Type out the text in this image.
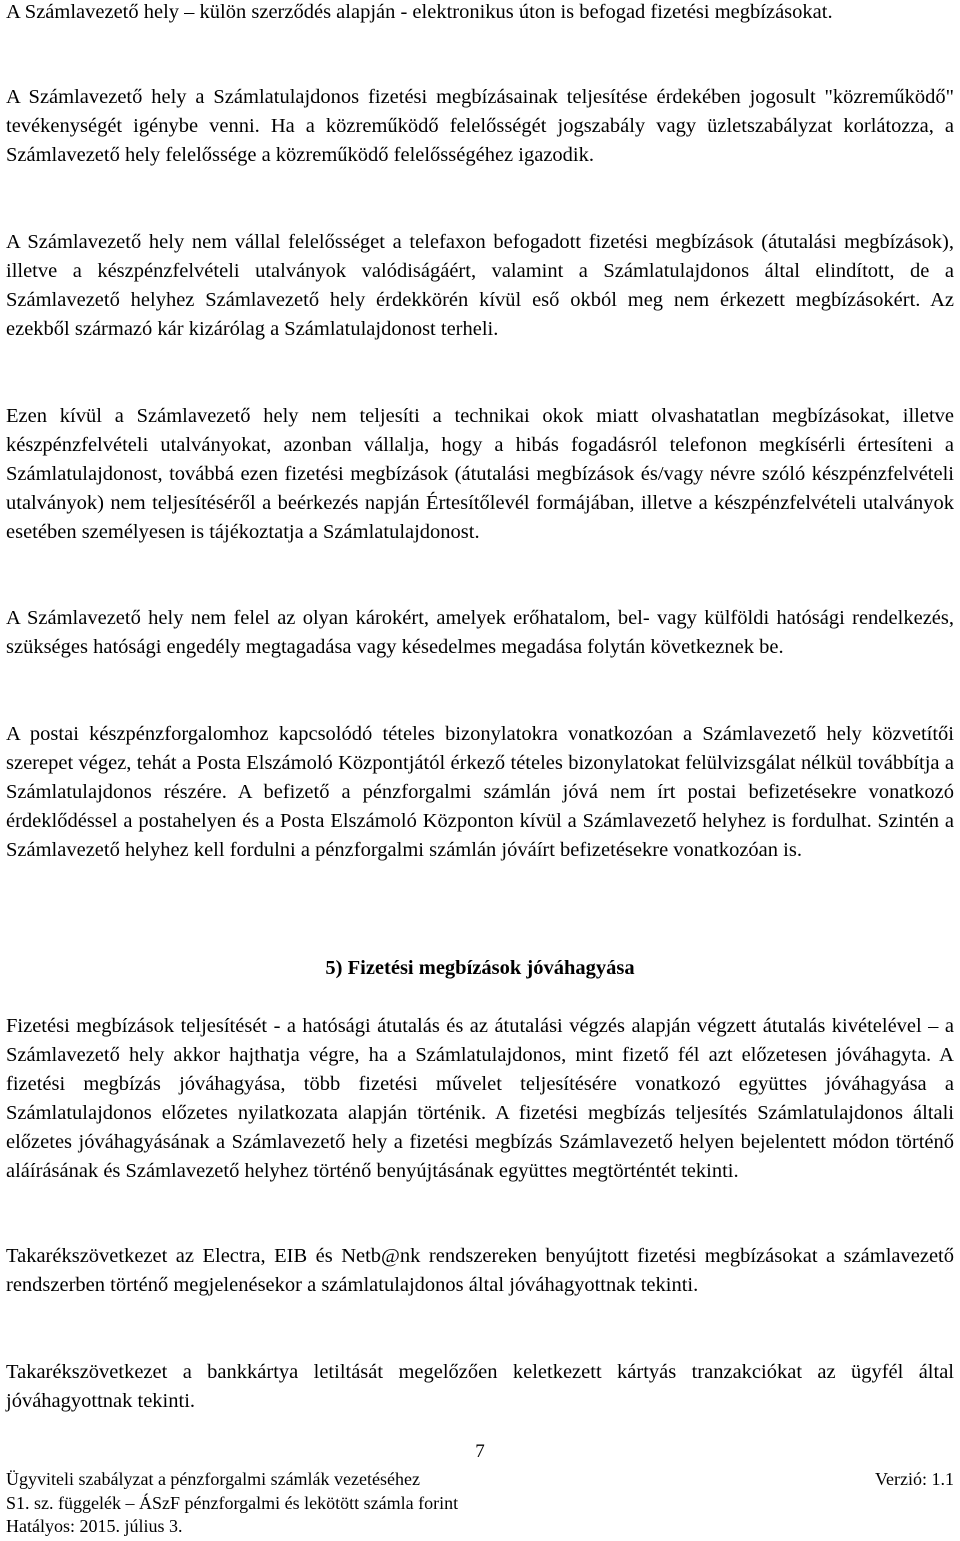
A Számlavezető hely – külön szerződés alapján - elektronikus úton is befogad fizetési megbízásokat.

A Számlavezető hely a Számlatulajdonos fizetési megbízásainak teljesítése érdekében jogosult "közreműködő" tevékenységét igénybe venni. Ha a közreműködő felelősségét jogszabály vagy üzletszabályzat korlátozza, a Számlavezető hely felelőssége a közreműködő felelősségéhez igazodik.

A Számlavezető hely nem vállal felelősséget a telefaxon befogadott fizetési megbízások (átutalási megbízások), illetve a készpénzfelvételi utalványok valódiságáért, valamint a Számlatulajdonos által elindított, de a Számlavezető helyhez Számlavezető hely érdekkörén kívül eső okból meg nem érkezett megbízásokért. Az ezekből származó kár kizárólag a Számlatulajdonost terheli.

Ezen kívül a Számlavezető hely nem teljesíti a technikai okok miatt olvashatatlan megbízásokat, illetve készpénzfelvételi utalványokat, azonban vállalja, hogy a hibás fogadásról telefonon megkísérli értesíteni a Számlatulajdonost, továbbá ezen fizetési megbízások (átutalási megbízások és/vagy névre szóló készpénzfelvételi utalványok) nem teljesítéséről a beérkezés napján Értesítőlevél formájában, illetve a készpénzfelvételi utalványok esetében személyesen is tájékoztatja a Számlatulajdonost.

A Számlavezető hely nem felel az olyan károkért, amelyek erőhatalom, bel- vagy külföldi hatósági rendelkezés, szükséges hatósági engedély megtagadása vagy késedelmes megadása folytán következnek be.

A postai készpénzforgalomhoz kapcsolódó tételes bizonylatokra vonatkozóan a Számlavezető hely közvetítői szerepet végez, tehát a Posta Elszámoló Központjától érkező tételes bizonylatokat felülvizsgálat nélkül továbbítja a Számlatulajdonos részére. A befizető a pénzforgalmi számlán jóvá nem írt postai befizetésekre vonatkozó érdeklődéssel a postahelyen és a Posta Elszámoló Központon kívül a Számlavezető helyhez is fordulhat. Szintén a Számlavezető helyhez kell fordulni a pénzforgalmi számlán jóváírt befizetésekre vonatkozóan is.

5) Fizetési megbízások jóváhagyása

Fizetési megbízások teljesítését - a hatósági átutalás és az átutalási végzés alapján végzett átutalás kivételével – a Számlavezető hely akkor hajthatja végre, ha a Számlatulajdonos, mint fizető fél azt előzetesen jóváhagyta. A fizetési megbízás jóváhagyása, több fizetési művelet teljesítésére vonatkozó együttes jóváhagyása a Számlatulajdonos előzetes nyilatkozata alapján történik. A fizetési megbízás teljesítés Számlatulajdonos általi előzetes jóváhagyásának a Számlavezető hely a fizetési megbízás Számlavezető helyen bejelentett módon történő aláírásának és Számlavezető helyhez történő benyújtásának együttes megtörténtét tekinti.

Takarékszövetkezet az Electra, EIB és Netb@nk rendszereken benyújtott fizetési megbízásokat a számlavezető rendszerben történő megjelenésekor a számlatulajdonos által jóváhagyottnak tekinti.

Takarékszövetkezet a bankkártya letiltását megelőzően keletkezett kártyás tranzakciókat az ügyfél által jóváhagyottnak tekinti.

7
Ügyviteli szabályzat a pénzforgalmi számlák vezetéséhez	Verzió: 1.1
S1. sz. függelék – ÁSzF pénzforgalmi és lekötött számla forint
Hatályos: 2015. július 3.
